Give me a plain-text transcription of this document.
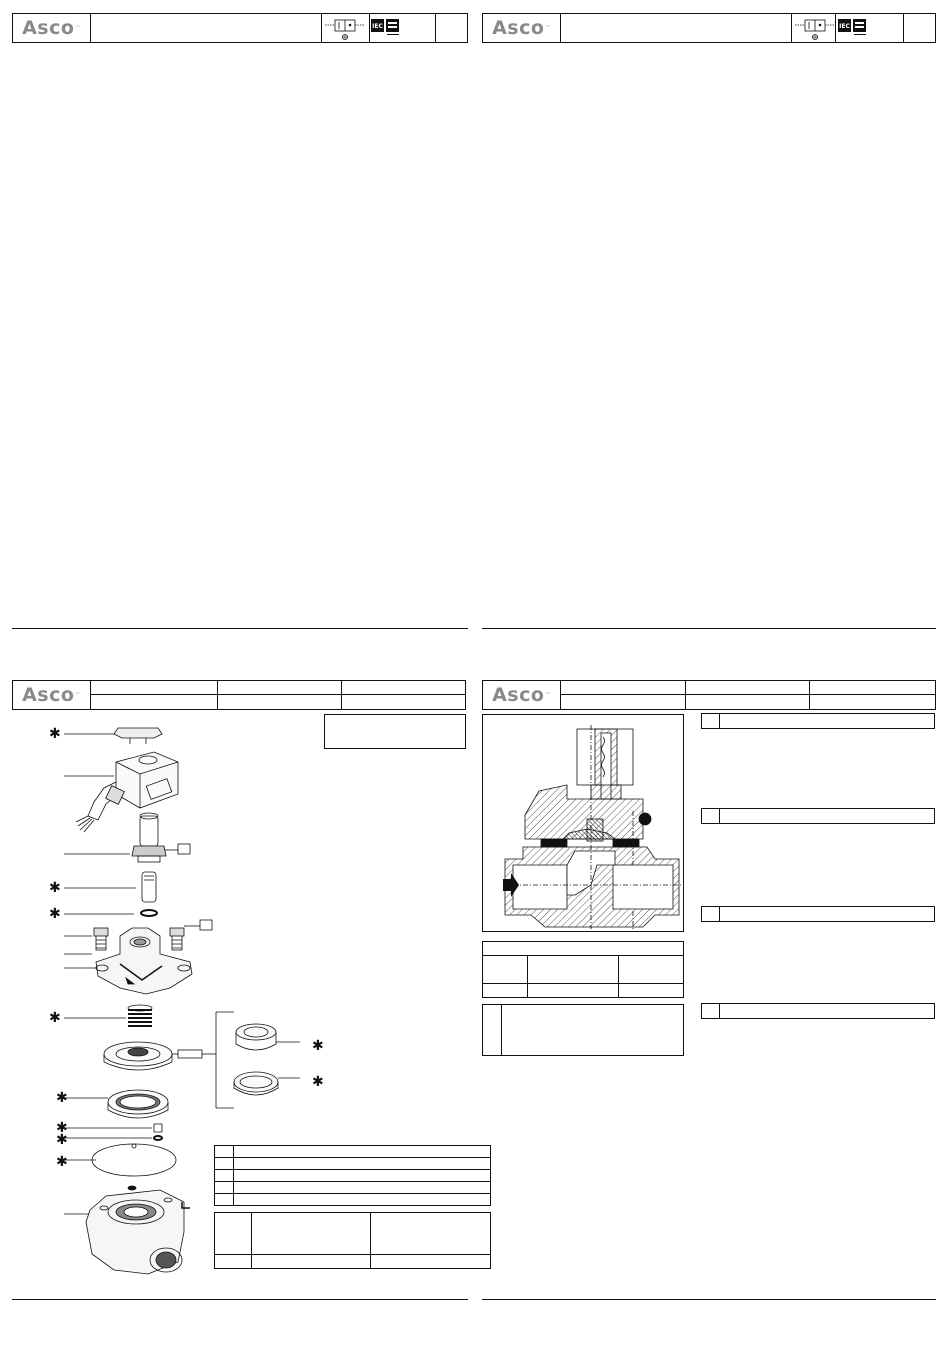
Asco ™	IEC	Asco ™	IEC
Asco ™	Asco ™
✱
✱
✱
✱
✱
✱
✱
✱
✱
✱
